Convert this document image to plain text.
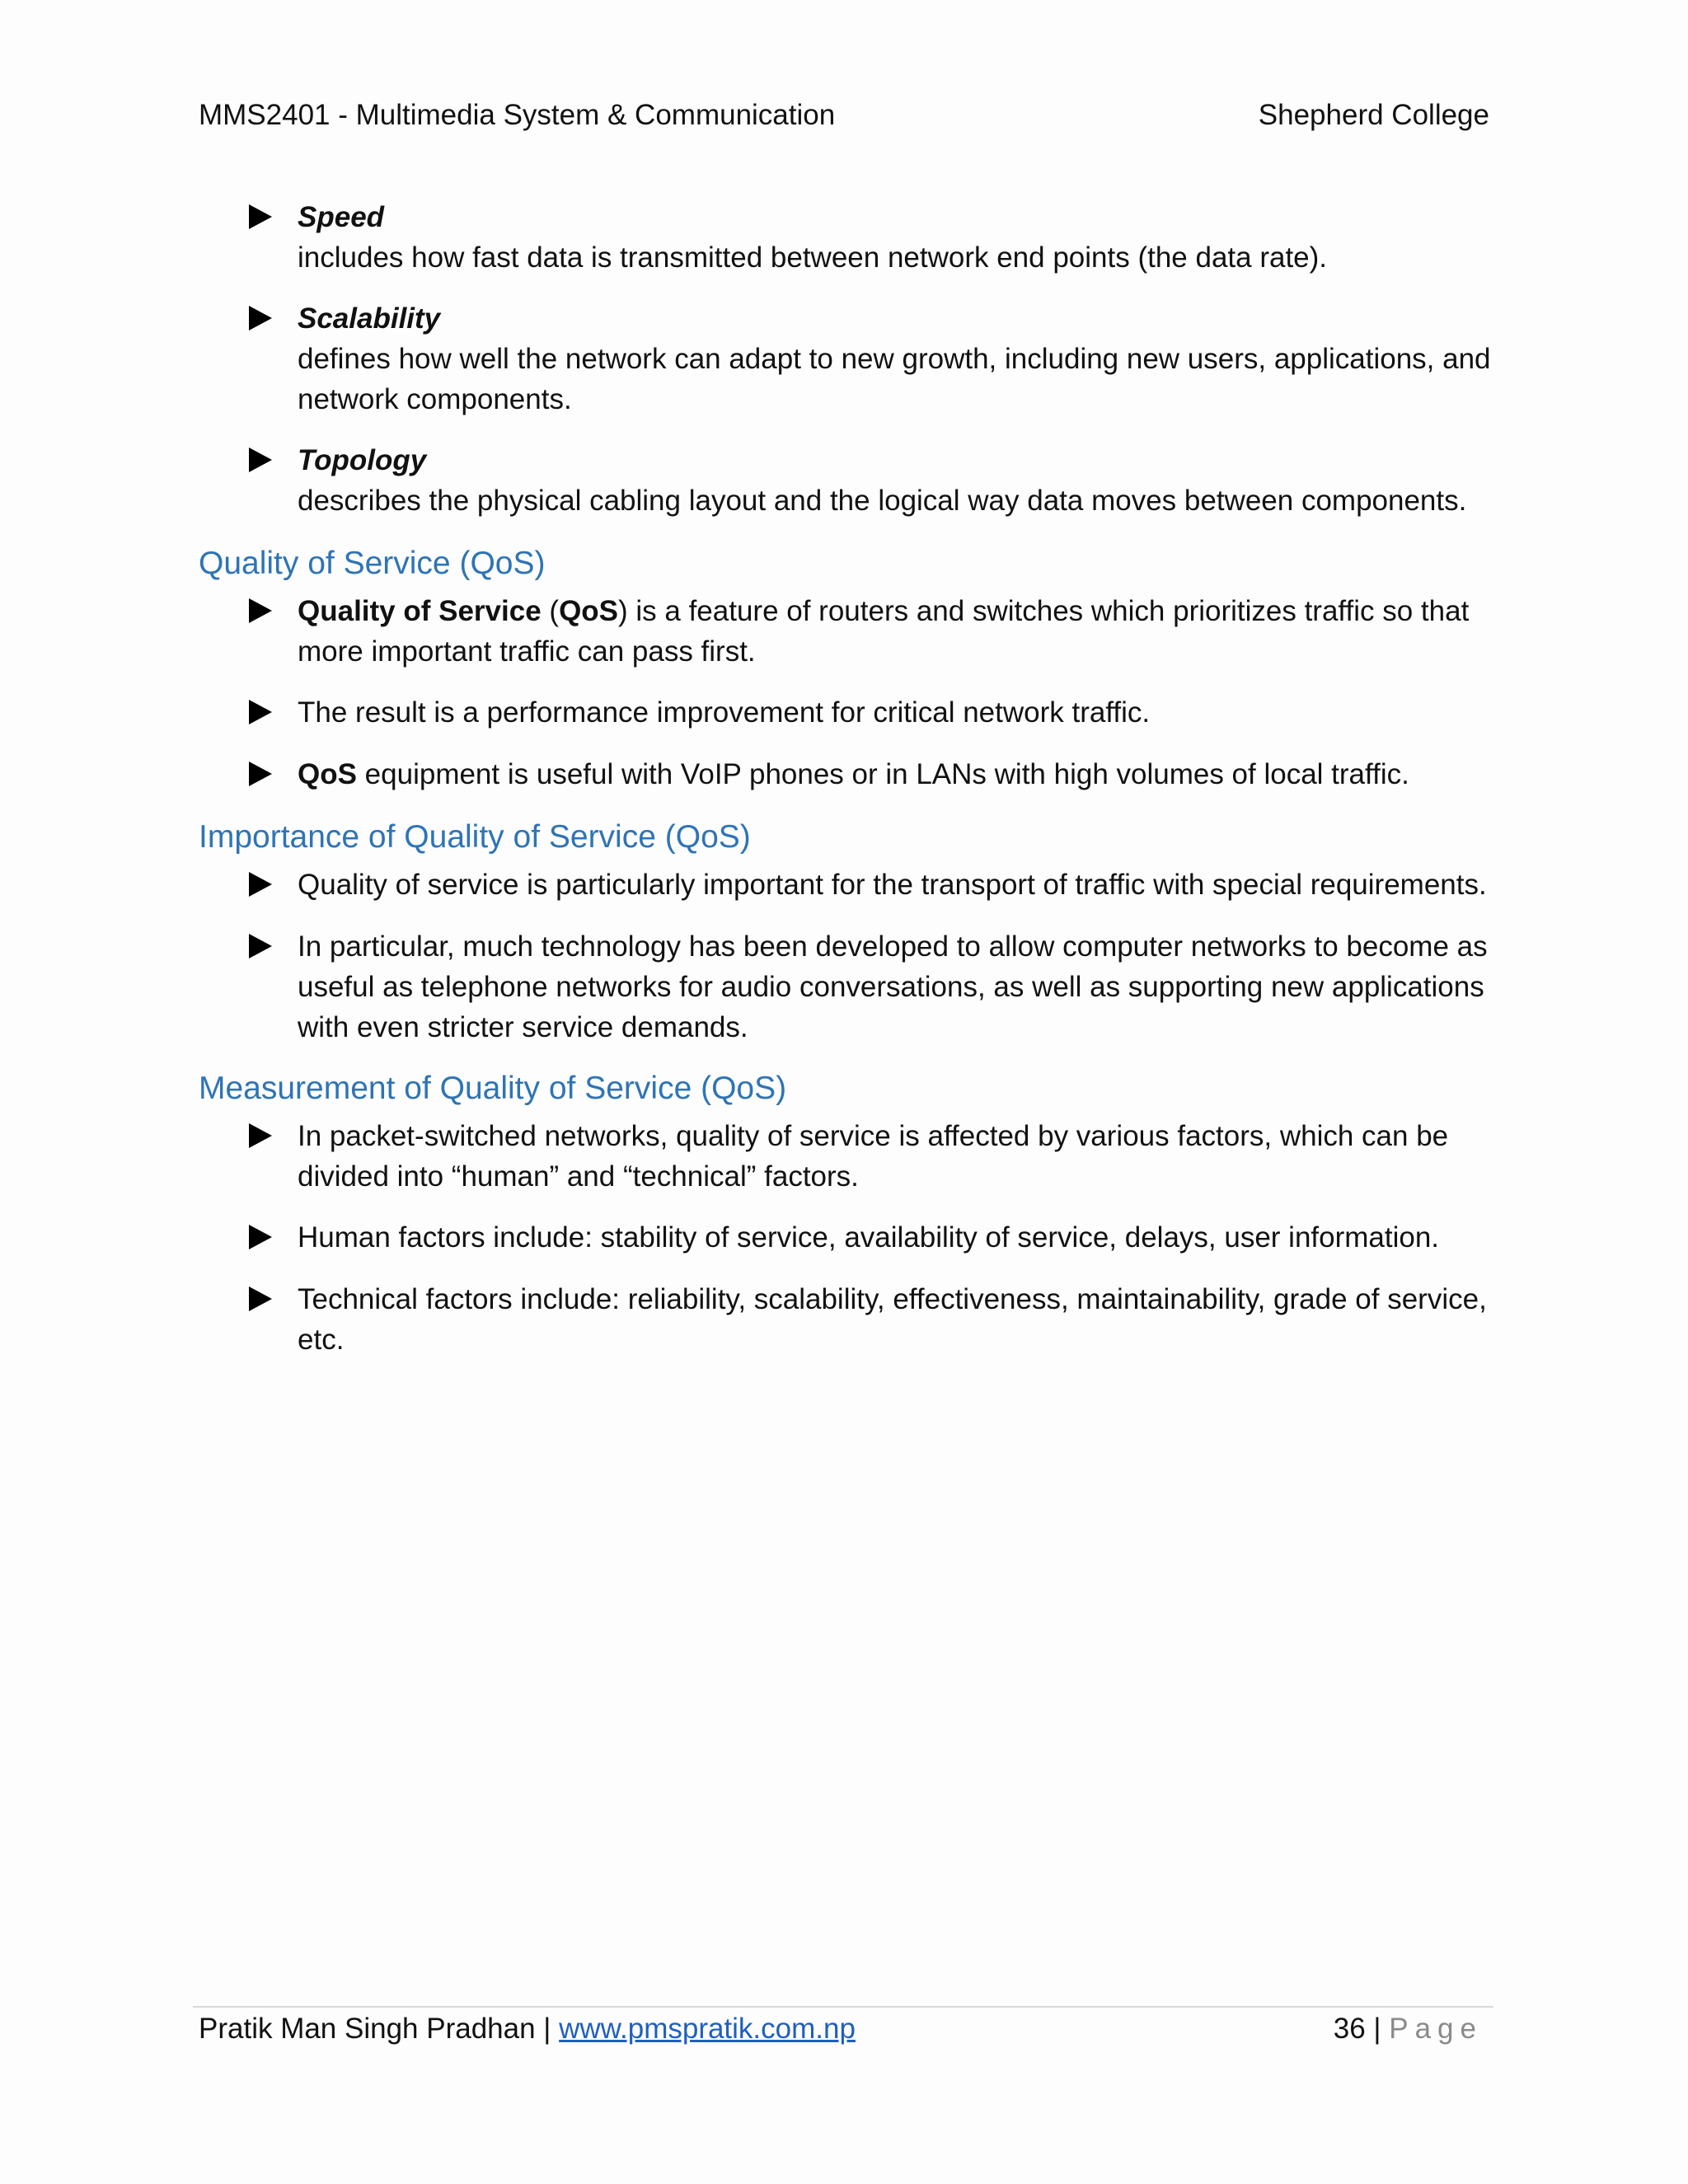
MMS2401 - Multimedia System & Communication	Shepherd College
Speed
includes how fast data is transmitted between network end points (the data rate).
Scalability
defines how well the network can adapt to new growth, including new users, applications, and
network components.
Topology
describes the physical cabling layout and the logical way data moves between components.
Quality of Service (QoS)
Quality of Service (QoS) is a feature of routers and switches which prioritizes traffic so that
more important traffic can pass first.
The result is a performance improvement for critical network traffic.
QoS equipment is useful with VoIP phones or in LANs with high volumes of local traffic.
Importance of Quality of Service (QoS)
Quality of service is particularly important for the transport of traffic with special requirements.
In particular, much technology has been developed to allow computer networks to become as
useful as telephone networks for audio conversations, as well as supporting new applications
with even stricter service demands.
Measurement of Quality of Service (QoS)
In packet-switched networks, quality of service is affected by various factors, which can be
divided into “human” and “technical” factors.
Human factors include: stability of service, availability of service, delays, user information.
Technical factors include: reliability, scalability, effectiveness, maintainability, grade of service,
etc.
Pratik Man Singh Pradhan | www.pmspratik.com.np	36 | Page
